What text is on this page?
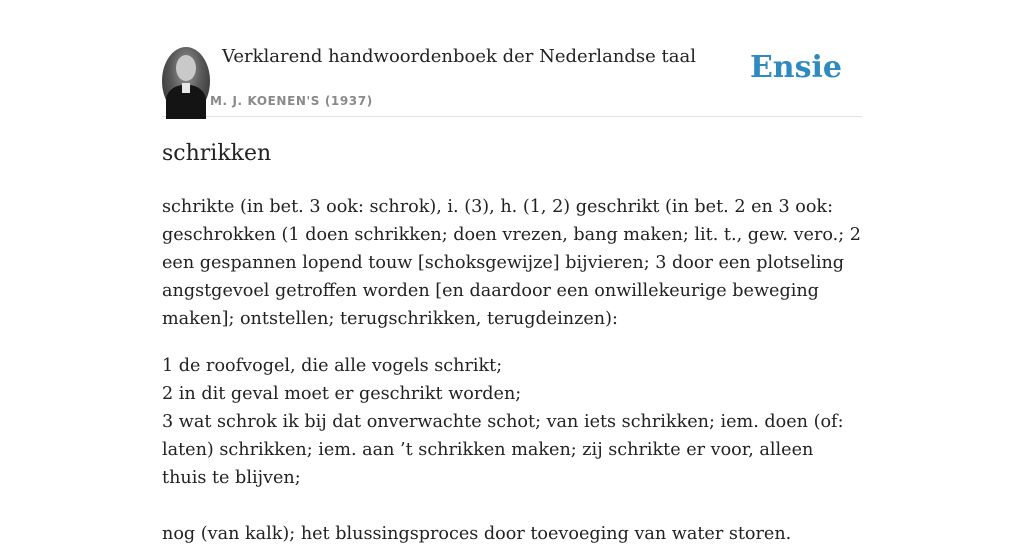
Verklarend handwoordenboek der Nederlandse taal
M. J. KOENEN'S (1937)
Ensie
schrikken

schrikte (in bet. 3 ook: schrok), i. (3), h. (1, 2) geschrikt (in bet. 2 en 3 ook: geschrokken (1 doen schrikken; doen vrezen, bang maken; lit. t., gew. vero.; 2 een gespannen lopend touw [schoksgewijze] bijvieren; 3 door een plotseling angstgevoel getroffen worden [en daardoor een onwillekeurige beweging maken]; ontstellen; terugschrikken, terugdeinzen):

1 de roofvogel, die alle vogels schrikt;
2 in dit geval moet er geschrikt worden;
3 wat schrok ik bij dat onverwachte schot; van iets schrikken; iem. doen (of: laten) schrikken; iem. aan ’t schrikken maken; zij schrikte er voor, alleen thuis te blijven;
nog (van kalk); het blussingsproces door toevoeging van water storen.
